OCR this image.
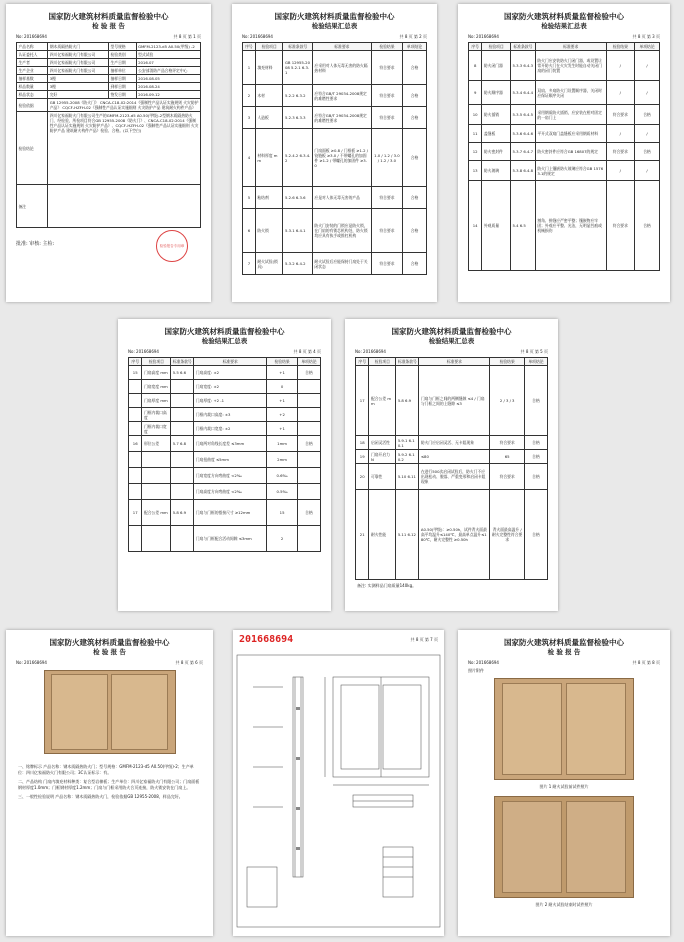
国家防火建筑材料质量监督检验中心
检 验 报 告
No: 201668694	共 8 页 第 1 页
产品名称	钢木质隔热防火门	型号规格	GMFM-2123-d5 A0.50(甲级) -2
认证委托人	四川亿家福防火门有限公司	检验类别	型式试验
生产者	四川亿家福防火门有限公司	生产日期	2016.07
生产企业	四川亿家福防火门有限公司	抽样单位	公安部消防产品合格评定中心
抽样基数	3樘	抽样日期	2016.08.05
样品数量	3樘	到样日期	2016.08.24
样品状态	完好	签发日期	2016.09.12
检验依据	GB 12955-2008《防火门》 CNCA-C18-02:2014《强制性产品认证实施规则 火灾防护产品》 CQCF-HZFH-02《强制性产品认证实施细则 火灾防护产品 建筑耐火构件产品》		
检验结论	四川亿家福防火门有限公司生产的GMFM-2123-d5 A0.50(甲级)-2型钢木质隔热防火门，经检验，所检项目符合GB 12955-2008《防火门》、CNCA-C18-02:2014《强制性产品认证实施规则 火灾防护产品》、CQCF-HZFH-02《强制性产品认证实施细则 火灾防护产品 建筑耐火构件产品》检验、合格。(以下空白)		
备注			
检验报告专用章
批准: 审核: 主检:
国家防火建筑材料质量监督检验中心
检验结果汇总表
No: 201668694	共 8 页 第 2 页
序号	检验项目	标准条款号	标准要求	检验结果	单项结论
1	填充材料	GB 12955-2008 5.2.1 6.3.1	应采用对人体无毒无害的防火隔热材料	符合要求	合格
2	木材	5.2.2 6.3.2	应符合GB/T 29034-2008规定的难燃性要求	符合要求	合格
3	人造板	5.2.3 6.3.3	应符合GB/T 29034-2008规定的难燃性要求	符合要求	合格
4	材料厚度 mm	5.2.4.2 6.3.4.2	门扇面板 ≥0.8 / 门框板 ≥1.2 / 铰链板 ≥3.0 / 不带螺孔的加固件 ≥1.2 / 带螺孔的加固件 ≥3.0	1.0 / 1.2 / 3.0 / 1.2 / 3.0	合格
5	粘结剂	5.2.6 6.3.6	应是对人体无毒无害的产品	符合要求	合格
6	防火锁	5.3.1 6.4.1	防火门安装的门锁应是防火锁，在门扇的有锁芯机构处，防火锁均应具有执手或推杠机构	符合要求	合格
7	耐火试验(锁具)	5.3.2 6.4.2	耐火试验后应能保持门扇处于关闭状态	符合要求	合格
国家防火建筑材料质量监督检验中心
检验结果汇总表
No: 201668694	共 8 页 第 3 页
序号	检验项目	标准条款号	标准要求	检验结果	单项结论
8	防火闭门器	5.3.3 6.4.3	防火门应安装防火门闭门器，或设置让常开防火门在火灾发生时能自动关闭门扇的闭门装置	/	/
9	防火顺序器	5.3.4 6.4.4	双扇、多扇防火门设置顺序器，关闭时应保证顺序关闭	/	/
10	防火插销	5.3.5 6.4.5	采用钢质防火插销，应安装在相对固定的一扇门上	符合要求	合格
11	盖缝板	5.3.6 6.4.6	平开式双扇门盖缝板应采用钢质材料	/	/
12	防火密封件	5.3.7 6.4.7	防火密封件应符合GB 16807的规定	符合要求	合格
13	防火玻璃	5.3.8 6.4.8	防火门上镶嵌防火玻璃应符合GB 15763.1的规定	/	/
14	外观质量	5.4 6.5	割角、拼缝应严密平整；镶嵌物应牢固；外观应平整、光洁，无明显凹痕或机械损伤	符合要求	合格
国家防火建筑材料质量监督检验中心
检验结果汇总表
No: 201668694	共 8 页 第 4 页
序号	检验项目	标准条款号	标准要求	检验结果	单项结论
15	门扇高度 mm	5.5 6.6	门扇高度: ±2	+1	合格
	门扇宽度 mm		门扇宽度: ±2	0	
	门扇厚度 mm		门扇厚度: +2 -1	+1	
	门框内裁口高度		门框内裁口高度: ±3	+2	
	门框内裁口宽度		门框内裁口宽度: ±2	+1	
16	形位公差	5.7 6.8	门扇两对角线长度差 ≤3mm	1mm	合格
			门扇扭曲度 ≤5mm	2mm	
			门扇宽度方向弯曲度 <2‰	0.6‰	
			门扇高度方向弯曲度 <2‰	0.5‰	
17	配合公差 mm	5.8 6.9	门扇与门框的搭接尺寸 ≥12mm	15	合格
			门扇与门框配合活动间隙 ≤3mm	2	
国家防火建筑材料质量监督检验中心
检验结果汇总表
No: 201668694	共 8 页 第 5 页
序号	检验项目	标准条款号	标准要求	检验结果	单项结论
17	配合公差 mm	5.8 6.9	门扇与门框之间的两侧缝隙 ≤4 / 门扇与门框之间的上缝隙 ≤3	2 / 3 / 3	合格
18	启闭灵活性	5.9.1 6.10.1	防火门应启闭灵活、无卡阻现象	符合要求	合格
19	门扇开启力 N	5.9.2 6.10.2	≤80	65	合格
20	可靠性	5.10 6.11	在进行500次启闭试验后，防火门不应出现松动、脱落、严重变形和启闭卡阻现象	符合要求	合格
21	耐火性能	5.11 6.12	A0.50(甲级)：≥0.50h，试件背火面最高平均温升≤140℃，最高单点温升≤180℃，耐火完整性 ≥0.50h	背火面最高温升 / 耐火完整性符合要求	合格
备注: 实测样品门扇质量140kg。
国家防火建筑材料质量监督检验中心
检 验 报 告
No: 201668694	共 8 页 第 6 页

一、铭牌标示 产品名称：钢木质隔热防火门；型号规格：GMFM-2123-d5 A0.50(甲级)-2；生产单位：四川亿家福防火门有限公司；3C认证标示：有。

二、产品结构 门扇内填充材料种类：复合型岩棉板；生产单位：四川亿家福防火门有限公司；门扇面板钢材厚度1.0mm；门框钢材厚度1.2mm；门扇与门框采用防火合页连接，防火锁安装在门扇上。

三、一般性检验说明 产品名称：钢木质隔热防火门，检验依据GB 12955-2008，样品完好。

201668694	共 8 页 第 7 页	国家防火建筑材料质量监督检验中心
检 验 报 告
No: 201668694	共 8 页 第 8 页
照片附件
图片 1 耐火试验前试件照片
图片 2 耐火试验结束时试件照片
